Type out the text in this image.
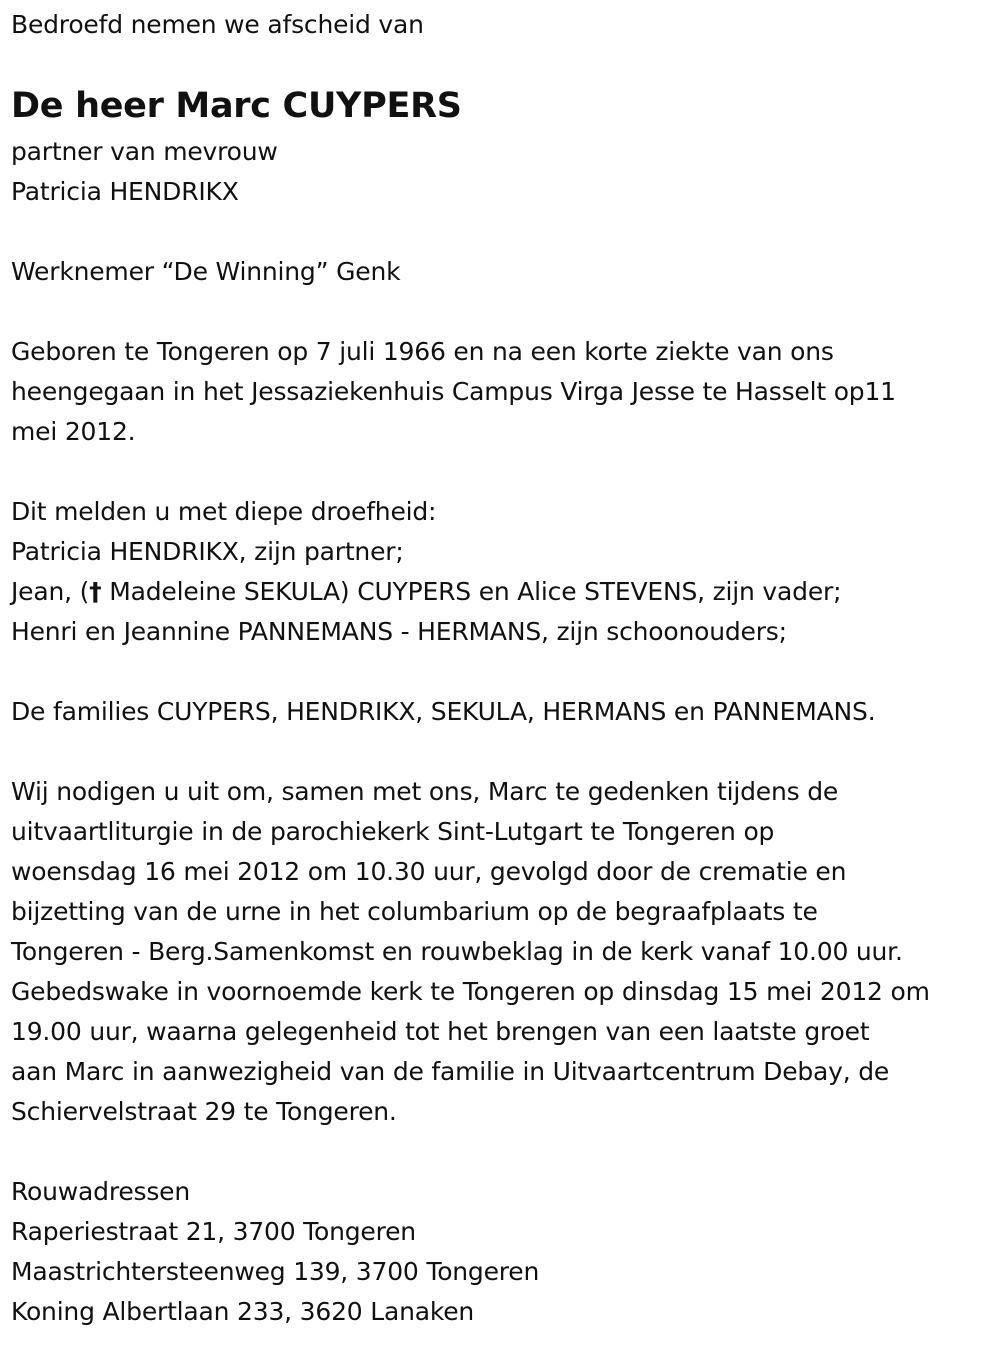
Bedroefd nemen we afscheid van
De heer Marc CUYPERS
partner van mevrouw
Patricia HENDRIKX
Werknemer “De Winning” Genk
Geboren te Tongeren op 7 juli 1966 en na een korte ziekte van ons
heengegaan in het Jessaziekenhuis Campus Virga Jesse te Hasselt op11
mei 2012.
Dit melden u met diepe droefheid:
Patricia HENDRIKX, zijn partner;
Jean, († Madeleine SEKULA) CUYPERS en Alice STEVENS, zijn vader;
Henri en Jeannine PANNEMANS - HERMANS, zijn schoonouders;
De families CUYPERS, HENDRIKX, SEKULA, HERMANS en PANNEMANS.
Wij nodigen u uit om, samen met ons, Marc te gedenken tijdens de
uitvaartliturgie in de parochiekerk Sint-Lutgart te Tongeren op
woensdag 16 mei 2012 om 10.30 uur, gevolgd door de crematie en
bijzetting van de urne in het columbarium op de begraafplaats te
Tongeren - Berg.Samenkomst en rouwbeklag in de kerk vanaf 10.00 uur.
Gebedswake in voornoemde kerk te Tongeren op dinsdag 15 mei 2012 om
19.00 uur, waarna gelegenheid tot het brengen van een laatste groet
aan Marc in aanwezigheid van de familie in Uitvaartcentrum Debay, de
Schiervelstraat 29 te Tongeren.
Rouwadressen
Raperiestraat 21, 3700 Tongeren
Maastrichtersteenweg 139, 3700 Tongeren
Koning Albertlaan 233, 3620 Lanaken
